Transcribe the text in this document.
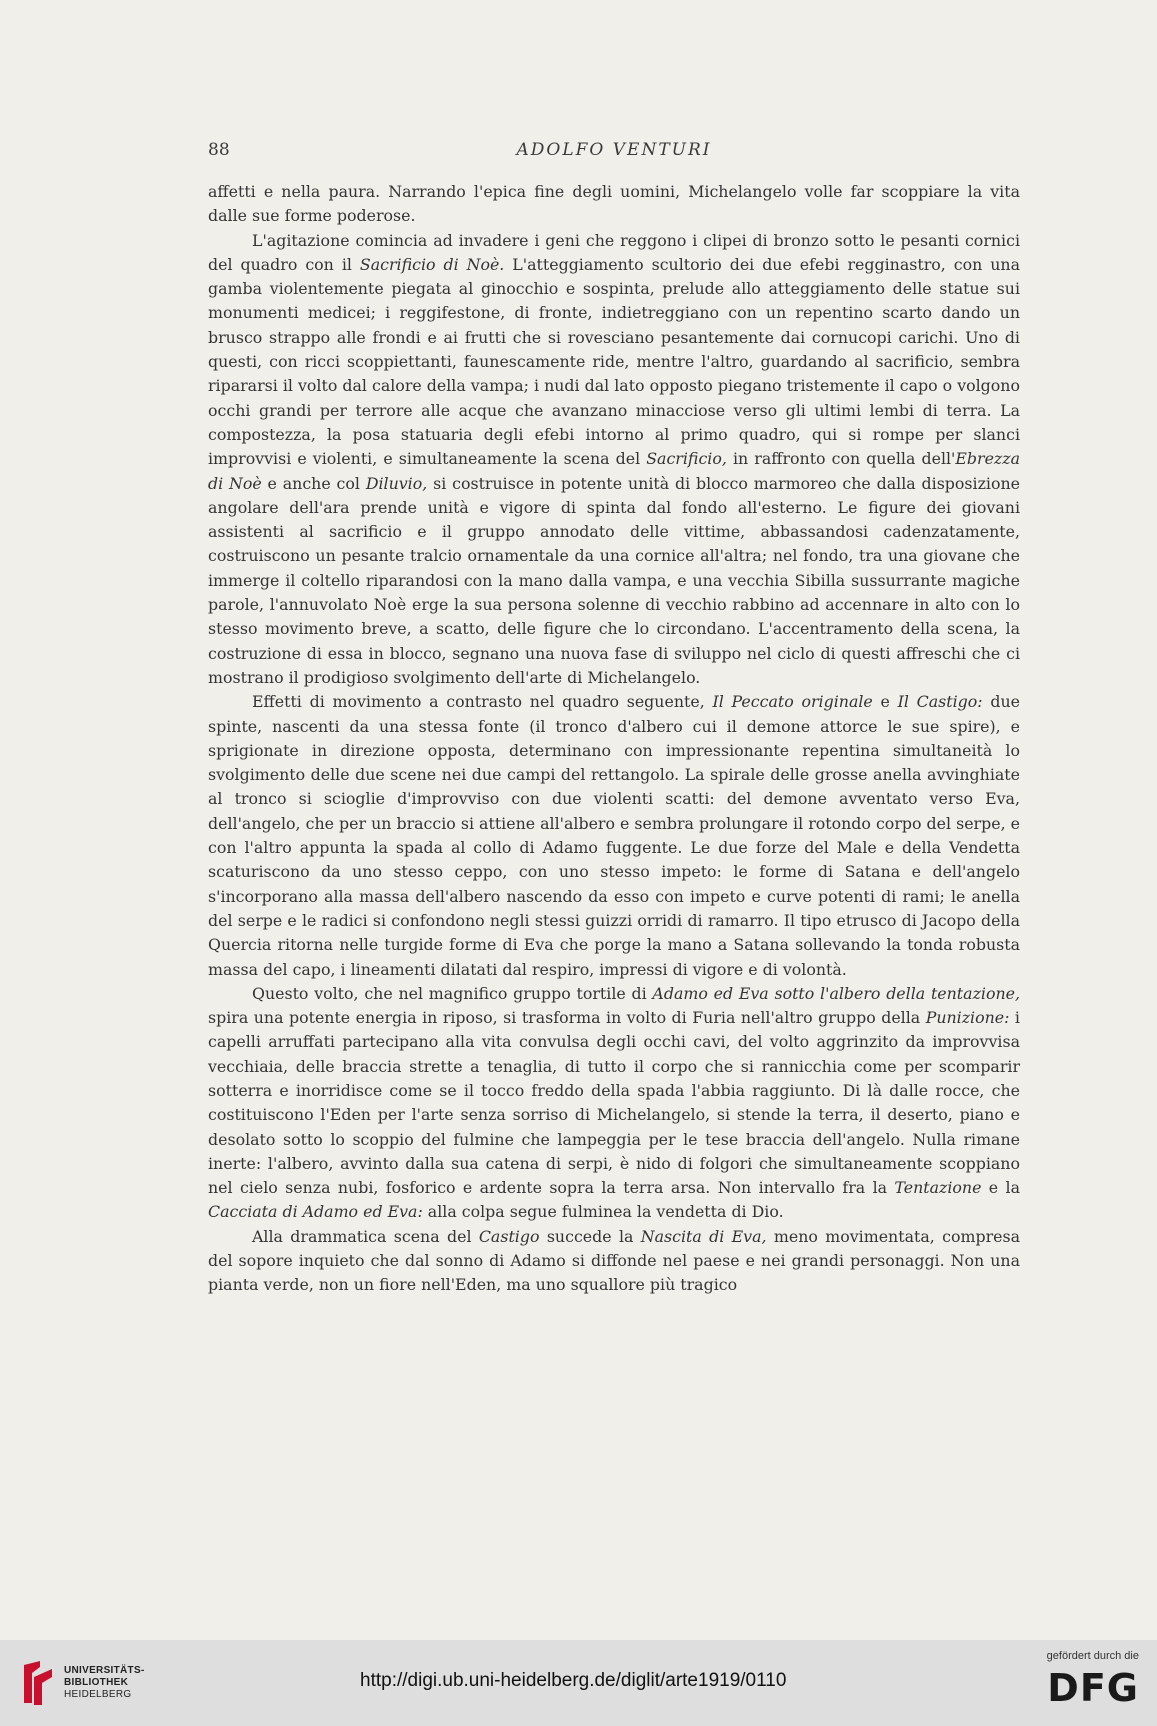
88	ADOLFO VENTURI

affetti e nella paura. Narrando l'epica fine degli uomini, Michelangelo volle far scoppiare la vita dalle sue forme poderose.

L'agitazione comincia ad invadere i geni che reggono i clipei di bronzo sotto le pesanti cornici del quadro con il Sacrificio di Noè. L'atteggiamento scultorio dei due efebi regginastro, con una gamba violentemente piegata al ginocchio e sospinta, prelude allo atteggiamento delle statue sui monumenti medicei; i reggifestone, di fronte, indietreggiano con un repentino scarto dando un brusco strappo alle frondi e ai frutti che si rovesciano pesantemente dai cornucopi carichi. Uno di questi, con ricci scoppiettanti, faunescamente ride, mentre l'altro, guardando al sacrificio, sembra ripararsi il volto dal calore della vampa; i nudi dal lato opposto piegano tristemente il capo o volgono occhi grandi per terrore alle acque che avanzano minacciose verso gli ultimi lembi di terra. La compostezza, la posa statuaria degli efebi intorno al primo quadro, qui si rompe per slanci improvvisi e violenti, e simultaneamente la scena del Sacrificio, in raffronto con quella dell'Ebrezza di Noè e anche col Diluvio, si costruisce in potente unità di blocco marmoreo che dalla disposizione angolare dell'ara prende unità e vigore di spinta dal fondo all'esterno. Le figure dei giovani assistenti al sacrificio e il gruppo annodato delle vittime, abbassandosi cadenzatamente, costruiscono un pesante tralcio ornamentale da una cornice all'altra; nel fondo, tra una giovane che immerge il coltello riparandosi con la mano dalla vampa, e una vecchia Sibilla sussurrante magiche parole, l'annuvolato Noè erge la sua persona solenne di vecchio rabbino ad accennare in alto con lo stesso movimento breve, a scatto, delle figure che lo circondano. L'accentramento della scena, la costruzione di essa in blocco, segnano una nuova fase di sviluppo nel ciclo di questi affreschi che ci mostrano il prodigioso svolgimento dell'arte di Michelangelo.

Effetti di movimento a contrasto nel quadro seguente, Il Peccato originale e Il Castigo: due spinte, nascenti da una stessa fonte (il tronco d'albero cui il demone attorce le sue spire), e sprigionate in direzione opposta, determinano con impressionante repentina simultaneità lo svolgimento delle due scene nei due campi del rettangolo. La spirale delle grosse anella avvinghiate al tronco si scioglie d'improvviso con due violenti scatti: del demone avventato verso Eva, dell'angelo, che per un braccio si attiene all'albero e sembra prolungare il rotondo corpo del serpe, e con l'altro appunta la spada al collo di Adamo fuggente. Le due forze del Male e della Vendetta scaturiscono da uno stesso ceppo, con uno stesso impeto: le forme di Satana e dell'angelo s'incorporano alla massa dell'albero nascendo da esso con impeto e curve potenti di rami; le anella del serpe e le radici si confondono negli stessi guizzi orridi di ramarro. Il tipo etrusco di Jacopo della Quercia ritorna nelle turgide forme di Eva che porge la mano a Satana sollevando la tonda robusta massa del capo, i lineamenti dilatati dal respiro, impressi di vigore e di volontà.

Questo volto, che nel magnifico gruppo tortile di Adamo ed Eva sotto l'albero della tentazione, spira una potente energia in riposo, si trasforma in volto di Furia nell'altro gruppo della Punizione: i capelli arruffati partecipano alla vita convulsa degli occhi cavi, del volto aggrinzito da improvvisa vecchiaia, delle braccia strette a tenaglia, di tutto il corpo che si rannicchia come per scomparir sotterra e inorridisce come se il tocco freddo della spada l'abbia raggiunto. Di là dalle rocce, che costituiscono l'Eden per l'arte senza sorriso di Michelangelo, si stende la terra, il deserto, piano e desolato sotto lo scoppio del fulmine che lampeggia per le tese braccia dell'angelo. Nulla rimane inerte: l'albero, avvinto dalla sua catena di serpi, è nido di folgori che simultaneamente scoppiano nel cielo senza nubi, fosforico e ardente sopra la terra arsa. Non intervallo fra la Tentazione e la Cacciata di Adamo ed Eva: alla colpa segue fulminea la vendetta di Dio.

Alla drammatica scena del Castigo succede la Nascita di Eva, meno movimentata, compresa del sopore inquieto che dal sonno di Adamo si diffonde nel paese e nei grandi personaggi. Non una pianta verde, non un fiore nell'Eden, ma uno squallore più tragico

UNIVERSITÄTS-
BIBLIOTHEK
HEIDELBERG
http://digi.ub.uni-heidelberg.de/diglit/arte1919/0110
gefördert durch die
DFG
